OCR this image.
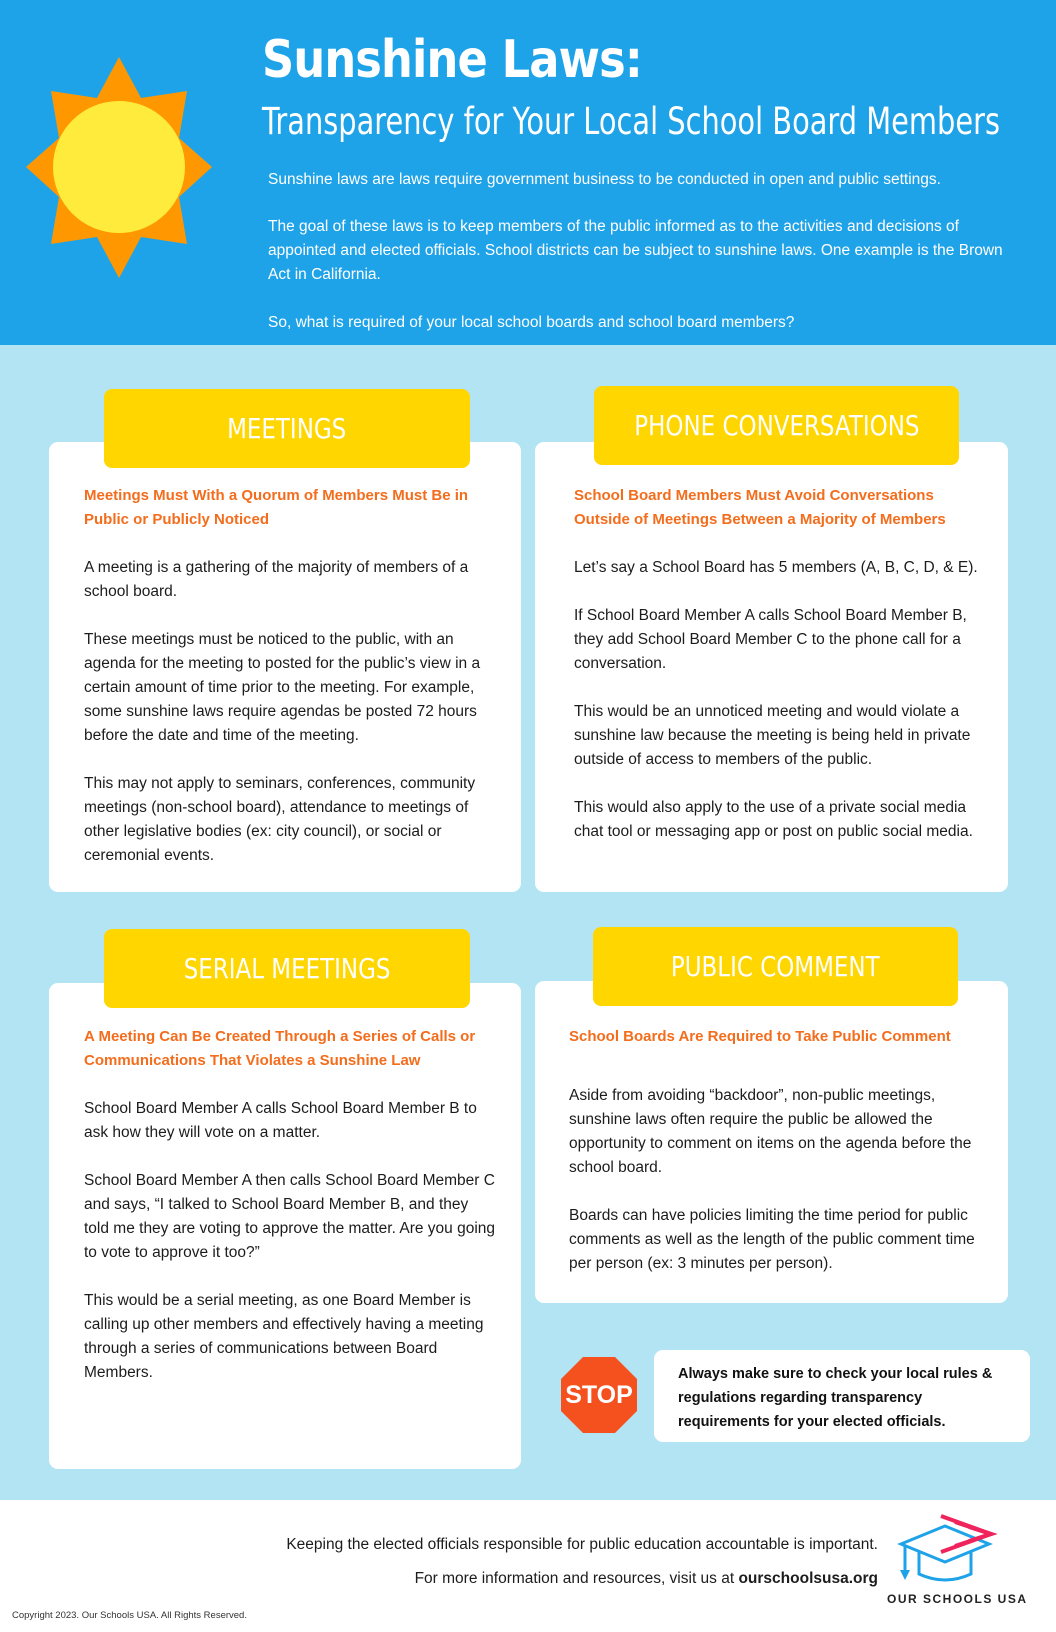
Sunshine Laws:
Transparency for Your Local School Board Members

Sunshine laws are laws require government business to be conducted in open and public settings.

The goal of these laws is to keep members of the public informed as to the activities and decisions of appointed and elected officials. School districts can be subject to sunshine laws. One example is the Brown Act in California.

So, what is required of your local school boards and school board members?

Meetings Must With a Quorum of Members Must Be in Public or Publicly Noticed

A meeting is a gathering of the majority of members of a school board.

These meetings must be noticed to the public, with an agenda for the meeting to posted for the public’s view in a certain amount of time prior to the meeting. For example, some sunshine laws require agendas be posted 72 hours before the date and time of the meeting.

This may not apply to seminars, conferences, community meetings (non-school board), attendance to meetings of other legislative bodies (ex: city council), or social or ceremonial events.

MEETINGS
School Board Members Must Avoid Conversations Outside of Meetings Between a Majority of Members

Let’s say a School Board has 5 members (A, B, C, D, & E).

If School Board Member A calls School Board Member B, they add School Board Member C to the phone call for a conversation.

This would be an unnoticed meeting and would violate a sunshine law because the meeting is being held in private outside of access to members of the public.

This would also apply to the use of a private social media chat tool or messaging app or post on public social media.

PHONE CONVERSATIONS
A Meeting Can Be Created Through a Series of Calls or Communications That Violates a Sunshine Law

School Board Member A calls School Board Member B to ask how they will vote on a matter.

School Board Member A then calls School Board Member C and says, “I talked to School Board Member B, and they told me they are voting to approve the matter. Are you going to vote to approve it too?”

This would be a serial meeting, as one Board Member is calling up other members and effectively having a meeting through a series of communications between Board Members.

SERIAL MEETINGS
School Boards Are Required to Take Public Comment

Aside from avoiding “backdoor”, non-public meetings, sunshine laws often require the public be allowed the opportunity to comment on items on the agenda before the school board.

Boards can have policies limiting the time period for public comments as well as the length of the public comment time per person (ex: 3 minutes per person).

PUBLIC COMMENT
STOP

Always make sure to check your local rules & regulations regarding transparency requirements for your elected officials.

Keeping the elected officials responsible for public education accountable is important.
For more information and resources, visit us at ourschoolsusa.org
Copyright 2023. Our Schools USA. All Rights Reserved.
OUR SCHOOLS USA
